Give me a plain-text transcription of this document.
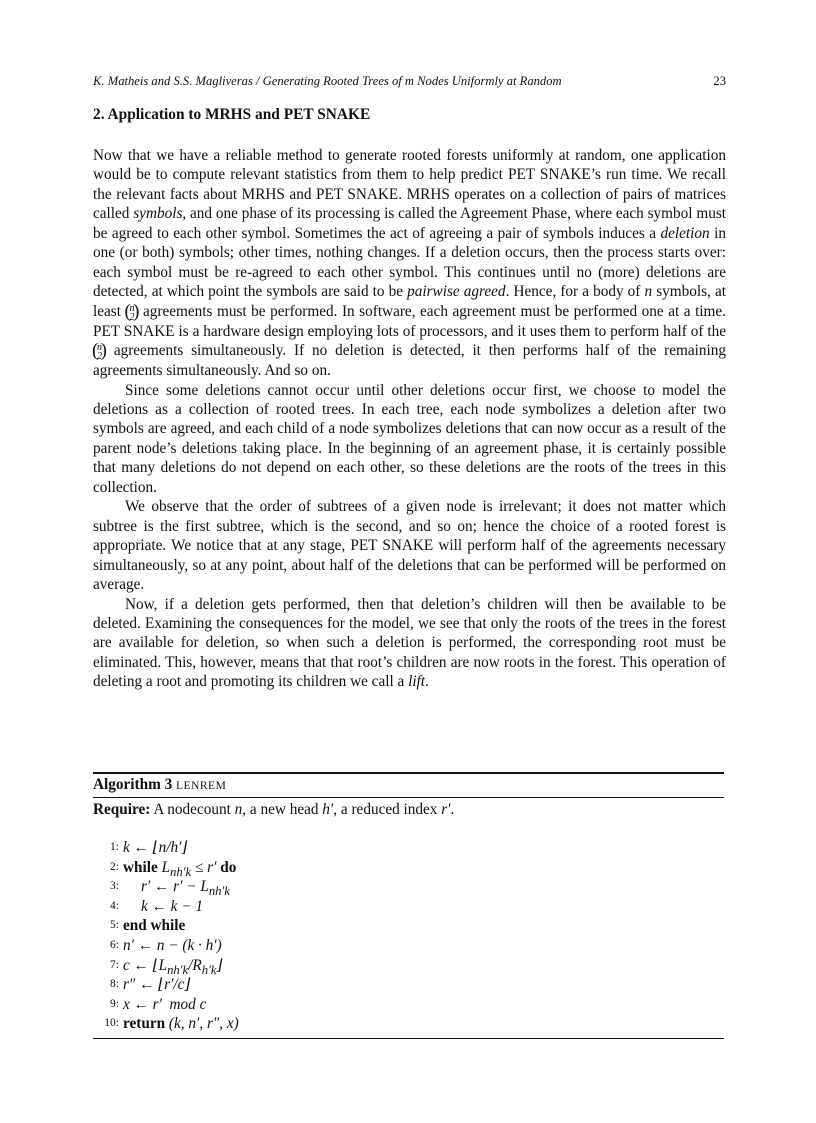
K. Matheis and S.S. Magliveras / Generating Rooted Trees of m Nodes Uniformly at Random	23
2. Application to MRHS and PET SNAKE

Now that we have a reliable method to generate rooted forests uniformly at random, one application would be to compute relevant statistics from them to help predict PET SNAKE’s run time. We recall the relevant facts about MRHS and PET SNAKE. MRHS operates on a collection of pairs of matrices called symbols, and one phase of its processing is called the Agreement Phase, where each symbol must be agreed to each other symbol. Sometimes the act of agreeing a pair of symbols induces a deletion in one (or both) symbols; other times, nothing changes. If a deletion occurs, then the process starts over: each symbol must be re-agreed to each other symbol. This continues until no (more) deletions are detected, at which point the symbols are said to be pairwise agreed. Hence, for a body of n symbols, at least
( n
2
) agreements must be performed. In software, each agreement must be performed one at a time. PET SNAKE is a hardware design employing lots of processors, and it uses them to perform half of the
( n
2
) agreements simultaneously. If no deletion is detected, it then performs half of the remaining agreements simultaneously. And so on.

Since some deletions cannot occur until other deletions occur first, we choose to model the deletions as a collection of rooted trees. In each tree, each node symbolizes a deletion after two symbols are agreed, and each child of a node symbolizes deletions that can now occur as a result of the parent node’s deletions taking place. In the beginning of an agreement phase, it is certainly possible that many deletions do not depend on each other, so these deletions are the roots of the trees in this collection.

We observe that the order of subtrees of a given node is irrelevant; it does not matter which subtree is the first subtree, which is the second, and so on; hence the choice of a rooted forest is appropriate. We notice that at any stage, PET SNAKE will perform half of the agreements necessary simultaneously, so at any point, about half of the deletions that can be performed will be performed on average.

Now, if a deletion gets performed, then that deletion’s children will then be available to be deleted. Examining the consequences for the model, we see that only the roots of the trees in the forest are available for deletion, so when such a deletion is performed, the corresponding root must be eliminated. This, however, means that that root’s children are now roots in the forest. This operation of deleting a root and promoting its children we call a lift.

Algorithm 3 LENREM
Require: A nodecount n, a new head h′, a reduced index r′.
1: k ← ⌊n/h′⌋
2: while $L_{nh'k} \le r'$ do
3:	r′ ← $r' - L_{nh'k}$
4:	k ← k − 1
5: end while
6: n′ ← n − (k · h′)
7: c ← $⌊L_{nh'k}/R_{h'k}⌋$
8: r″ ← ⌊r′/c⌋
9: x ← r′  mod c
10: return (k, n′, r″, x)
